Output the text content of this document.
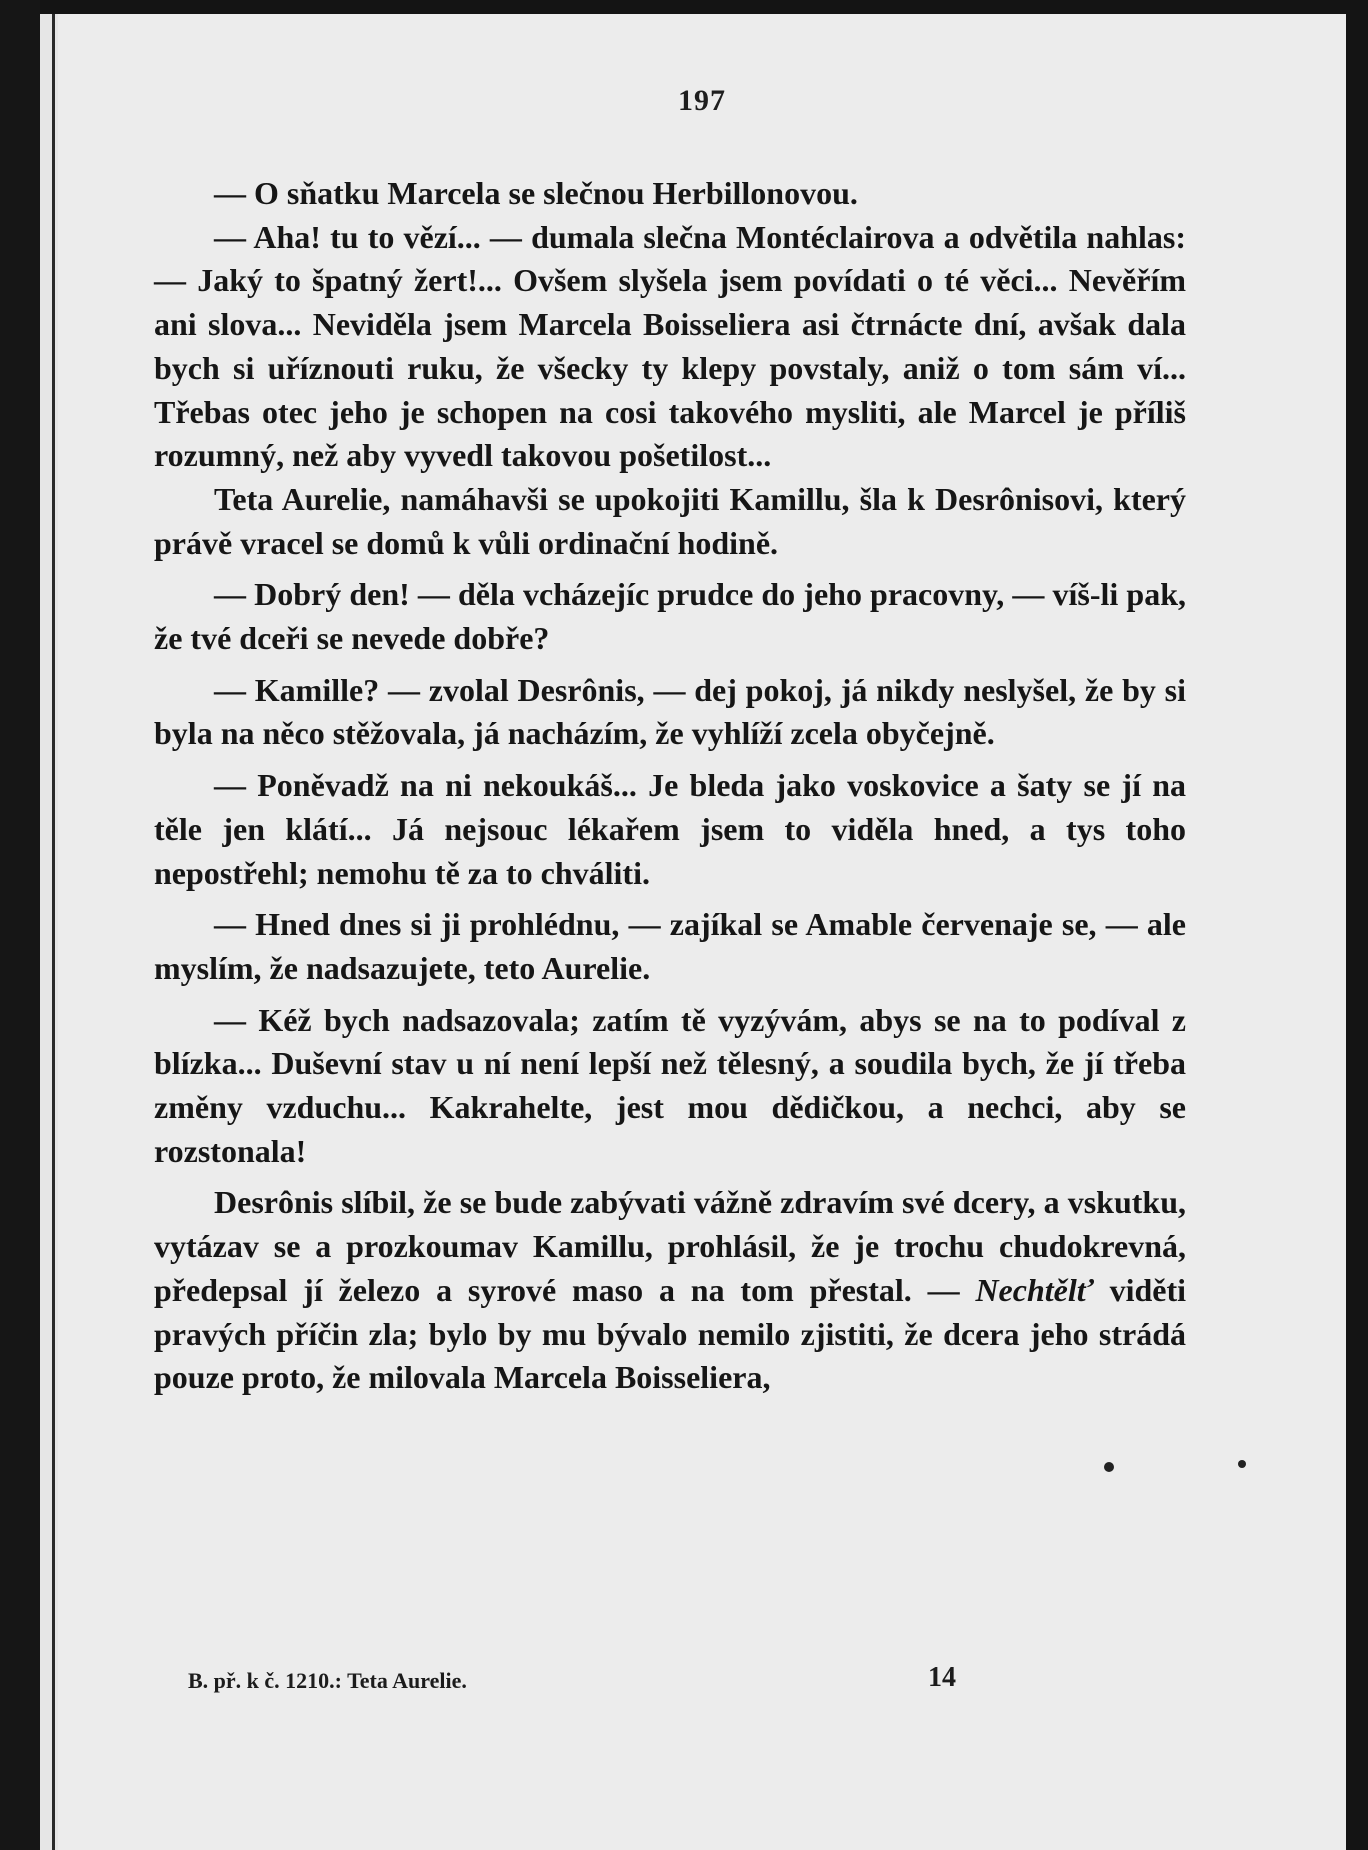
197

— O sňatku Marcela se slečnou Herbillonovou.

— Aha! tu to vězí... — dumala slečna Montéclairova a odvětila nahlas: — Jaký to špatný žert!... Ovšem slyšela jsem povídati o té věci... Nevěřím ani slova... Neviděla jsem Marcela Boisseliera asi čtrnácte dní, avšak dala bych si uříznouti ruku, že všecky ty klepy povstaly, aniž o tom sám ví... Třebas otec jeho je schopen na cosi takového mysliti, ale Marcel je příliš rozumný, než aby vyvedl takovou pošetilost...

Teta Aurelie, namáhavši se upokojiti Kamillu, šla k Desrônisovi, který právě vracel se domů k vůli ordinační hodině.

— Dobrý den! — děla vcházejíc prudce do jeho pracovny, — víš-li pak, že tvé dceři se nevede dobře?

— Kamille? — zvolal Desrônis, — dej pokoj, já nikdy neslyšel, že by si byla na něco stěžovala, já nacházím, že vyhlíží zcela obyčejně.

— Poněvadž na ni nekoukáš... Je bleda jako voskovice a šaty se jí na těle jen klátí... Já nejsouc lékařem jsem to viděla hned, a tys toho nepostřehl; nemohu tě za to chváliti.

— Hned dnes si ji prohlédnu, — zajíkal se Amable červenaje se, — ale myslím, že nadsazujete, teto Aurelie.

— Kéž bych nadsazovala; zatím tě vyzývám, abys se na to podíval z blízka... Duševní stav u ní není lepší než tělesný, a soudila bych, že jí třeba změny vzduchu... Kakrahelte, jest mou dědičkou, a nechci, aby se rozstonala!

Desrônis slíbil, že se bude zabývati vážně zdravím své dcery, a vskutku, vytázav se a prozkoumav Kamillu, prohlásil, že je trochu chudokrevná, předepsal jí železo a syrové maso a na tom přestal. — Nechtělť viděti pravých příčin zla; bylo by mu bývalo nemilo zjistiti, že dcera jeho strádá pouze proto, že milovala Marcela Boisseliera,

B. př. k č. 1210.: Teta Aurelie.	14
